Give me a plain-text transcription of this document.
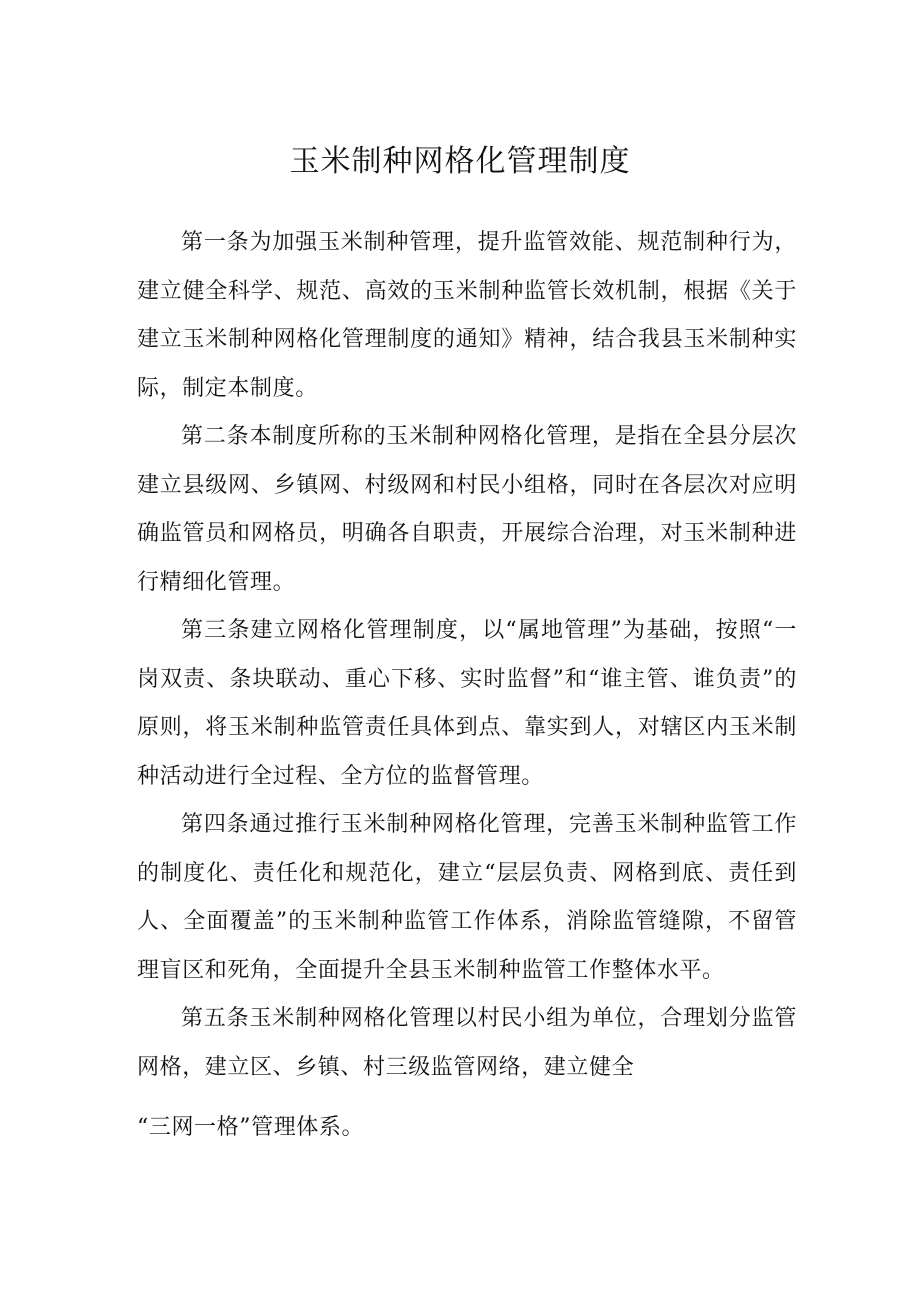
玉米制种网格化管理制度

第一条为加强玉米制种管理，提升监管效能、规范制种行为，建立健全科学、规范、高效的玉米制种监管长效机制，根据《关于建立玉米制种网格化管理制度的通知》精神，结合我县玉米制种实际，制定本制度。

第二条本制度所称的玉米制种网格化管理，是指在全县分层次建立县级网、乡镇网、村级网和村民小组格，同时在各层次对应明确监管员和网格员，明确各自职责，开展综合治理，对玉米制种进行精细化管理。

第三条建立网格化管理制度，以“属地管理”为基础，按照“一岗双责、条块联动、重心下移、实时监督”和“谁主管、谁负责”的原则，将玉米制种监管责任具体到点、靠实到人，对辖区内玉米制种活动进行全过程、全方位的监督管理。

第四条通过推行玉米制种网格化管理，完善玉米制种监管工作的制度化、责任化和规范化，建立“层层负责、网格到底、责任到人、全面覆盖”的玉米制种监管工作体系，消除监管缝隙，不留管理盲区和死角，全面提升全县玉米制种监管工作整体水平。

第五条玉米制种网格化管理以村民小组为单位，合理划分监管网格，建立区、乡镇、村三级监管网络，建立健全

“三网一格”管理体系。
